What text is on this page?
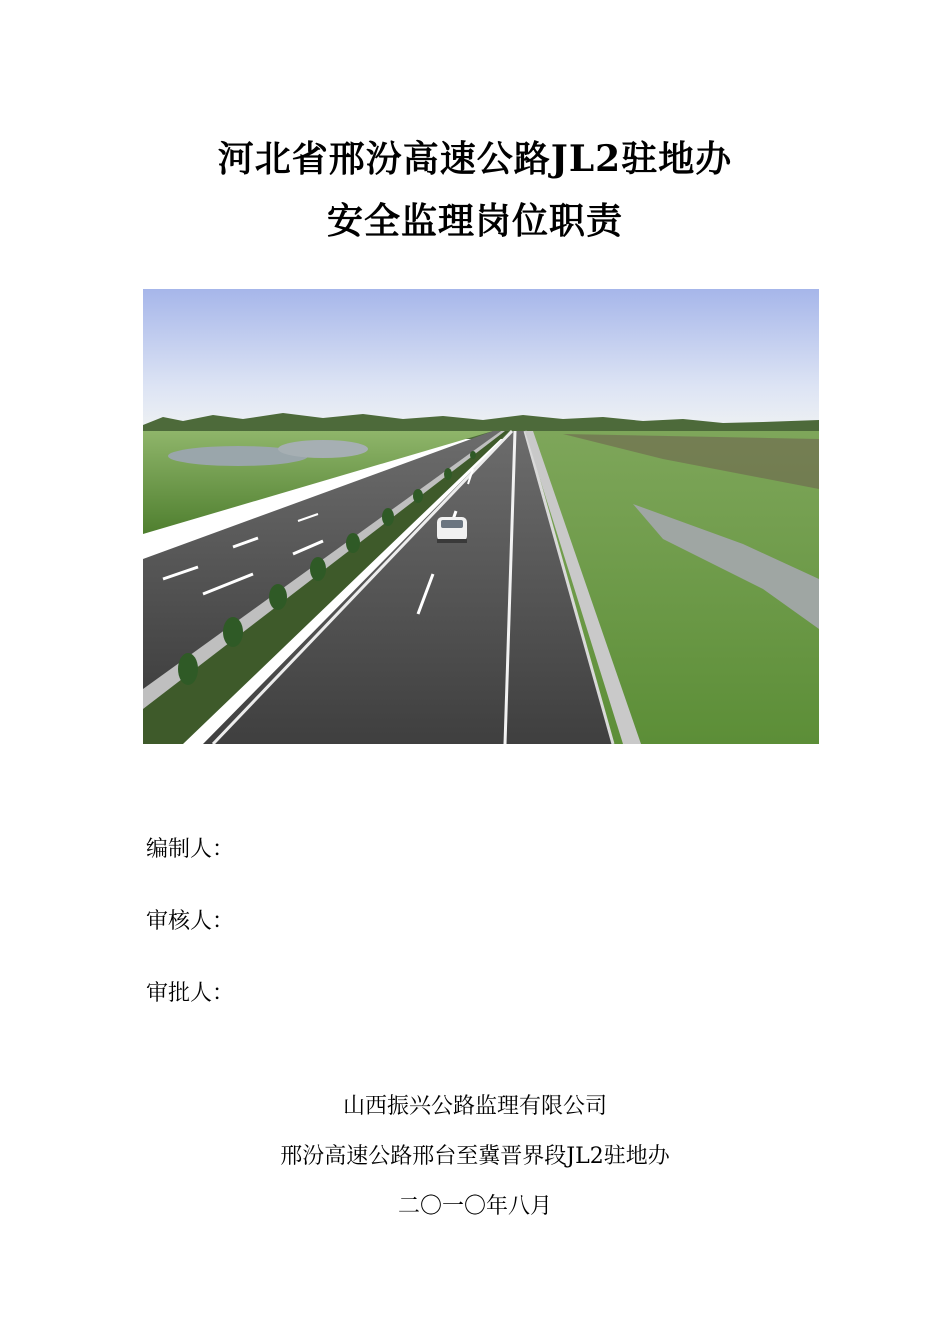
河北省邢汾高速公路JL2驻地办
安全监理岗位职责
编制人：
审核人：
审批人：
山西振兴公路监理有限公司
邢汾高速公路邢台至冀晋界段JL2驻地办
二〇一〇年八月
